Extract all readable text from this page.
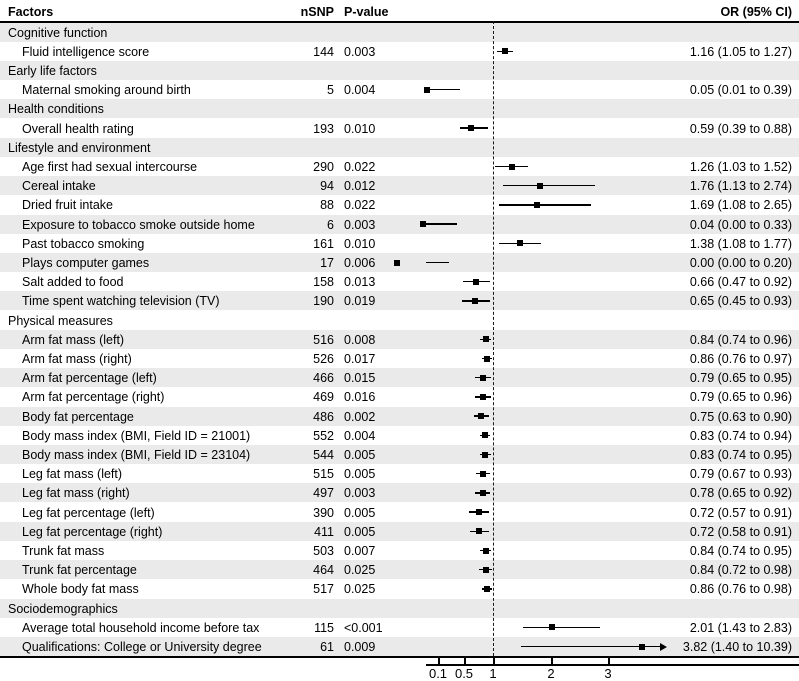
Factors	nSNP P-value	OR (95% CI)
Cognitive function
Fluid intelligence score	144 0.003	1.16 (1.05 to 1.27)
Early life factors
Maternal smoking around birth	5 0.004	0.05 (0.01 to 0.39)
Health conditions
Overall health rating	193 0.010	0.59 (0.39 to 0.88)
Lifestyle and environment
Age first had sexual intercourse	290 0.022	1.26 (1.03 to 1.52)
Cereal intake	94 0.012	1.76 (1.13 to 2.74)
Dried fruit intake	88 0.022	1.69 (1.08 to 2.65)
Exposure to tobacco smoke outside home	6 0.003	0.04 (0.00 to 0.33)
Past tobacco smoking	161 0.010	1.38 (1.08 to 1.77)
Plays computer games	17 0.006	0.00 (0.00 to 0.20)
Salt added to food	158 0.013	0.66 (0.47 to 0.92)
Time spent watching television (TV)	190 0.019	0.65 (0.45 to 0.93)
Physical measures
Arm fat mass (left)	516 0.008	0.84 (0.74 to 0.96)
Arm fat mass (right)	526 0.017	0.86 (0.76 to 0.97)
Arm fat percentage (left)	466 0.015	0.79 (0.65 to 0.95)
Arm fat percentage (right)	469 0.016	0.79 (0.65 to 0.96)
Body fat percentage	486 0.002	0.75 (0.63 to 0.90)
Body mass index (BMI, Field ID = 21001)	552 0.004	0.83 (0.74 to 0.94)
Body mass index (BMI, Field ID = 23104)	544 0.005	0.83 (0.74 to 0.95)
Leg fat mass (left)	515 0.005	0.79 (0.67 to 0.93)
Leg fat mass (right)	497 0.003	0.78 (0.65 to 0.92)
Leg fat percentage (left)	390 0.005	0.72 (0.57 to 0.91)
Leg fat percentage (right)	411 0.005	0.72 (0.58 to 0.91)
Trunk fat mass	503 0.007	0.84 (0.74 to 0.95)
Trunk fat percentage	464 0.025	0.84 (0.72 to 0.98)
Whole body fat mass	517 0.025	0.86 (0.76 to 0.98)
Sociodemographics
Average total household income before tax	115 <0.001	2.01 (1.43 to 2.83)
Qualifications: College or University degree	61 0.009	3.82 (1.40 to 10.39)
0.1 0.5 1	2	3
